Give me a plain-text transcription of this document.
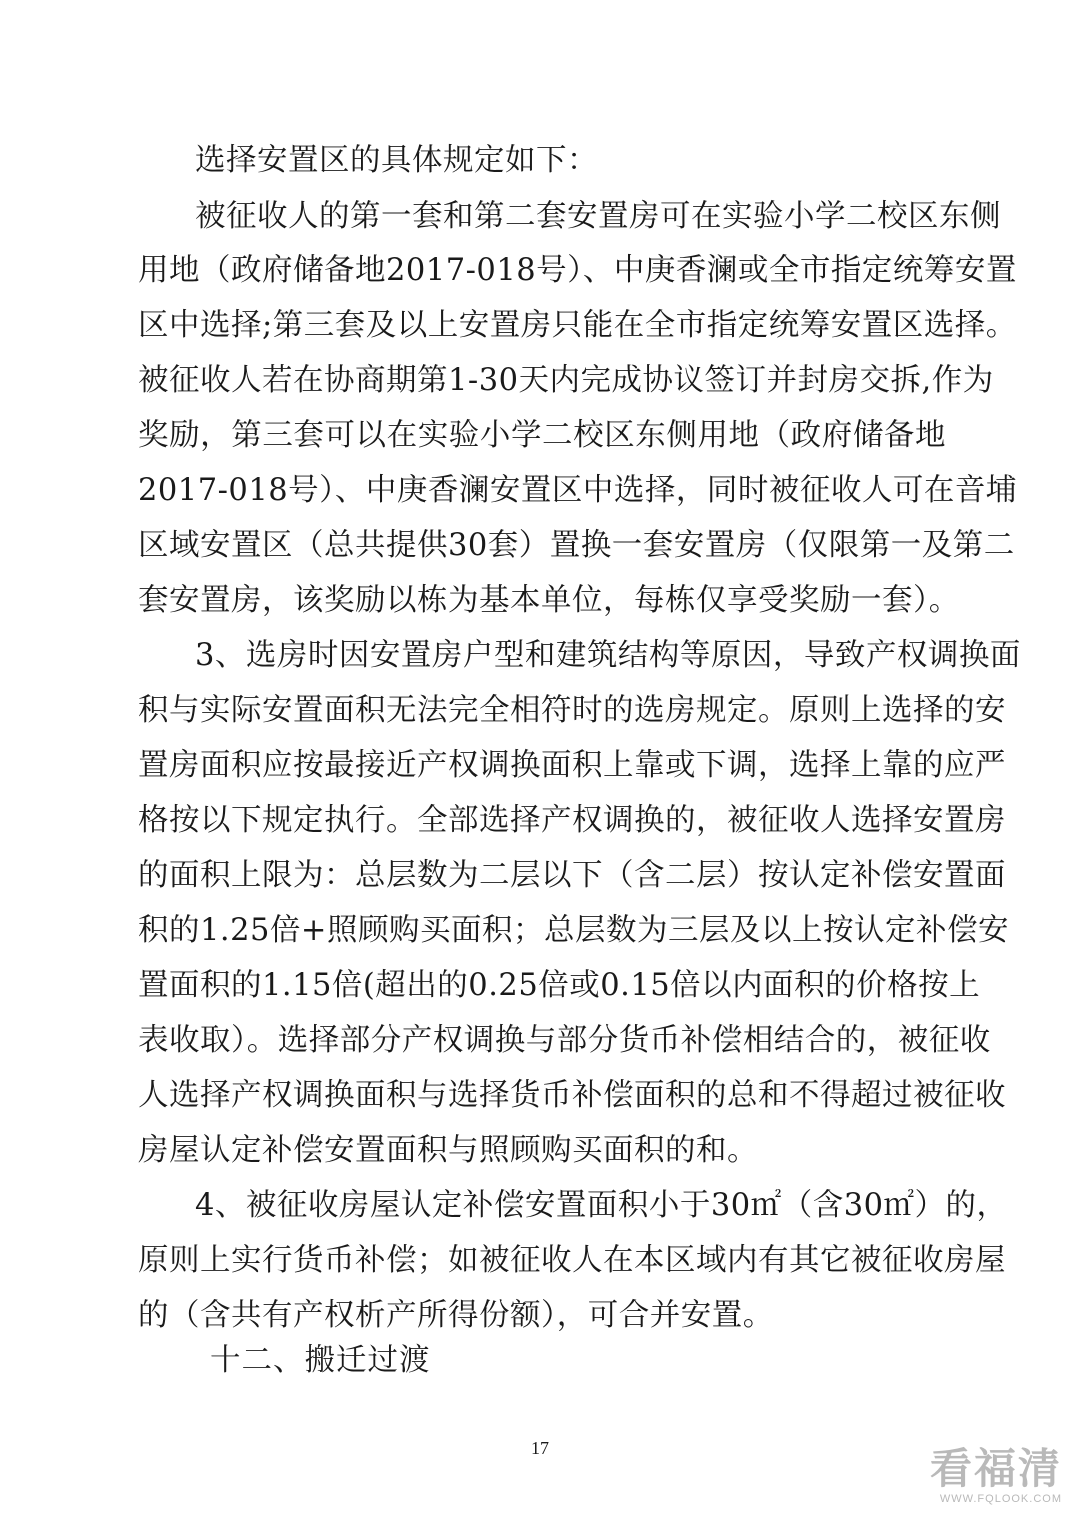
选择安置区的具体规定如下：
被征收人的第一套和第二套安置房可在实验小学二校区东侧
用地（政府储备地2017-018号）、中庚香澜或全市指定统筹安置
区中选择;第三套及以上安置房只能在全市指定统筹安置区选择。
被征收人若在协商期第1-30天内完成协议签订并封房交拆,作为
奖励，第三套可以在实验小学二校区东侧用地（政府储备地
2017-018号）、中庚香澜安置区中选择，同时被征收人可在音埔
区域安置区（总共提供30套）置换一套安置房（仅限第一及第二
套安置房，该奖励以栋为基本单位，每栋仅享受奖励一套）。
3、选房时因安置房户型和建筑结构等原因，导致产权调换面
积与实际安置面积无法完全相符时的选房规定。原则上选择的安
置房面积应按最接近产权调换面积上靠或下调，选择上靠的应严
格按以下规定执行。全部选择产权调换的，被征收人选择安置房
的面积上限为：总层数为二层以下（含二层）按认定补偿安置面
积的1.25倍+照顾购买面积；总层数为三层及以上按认定补偿安
置面积的1.15倍(超出的0.25倍或0.15倍以内面积的价格按上
表收取）。选择部分产权调换与部分货币补偿相结合的，被征收
人选择产权调换面积与选择货币补偿面积的总和不得超过被征收
房屋认定补偿安置面积与照顾购买面积的和。
4、被征收房屋认定补偿安置面积小于30㎡（含30㎡）的，
原则上实行货币补偿；如被征收人在本区域内有其它被征收房屋
的（含共有产权析产所得份额），可合并安置。
十二、搬迁过渡
17	看福清
WWW.FQLOOK.COM
